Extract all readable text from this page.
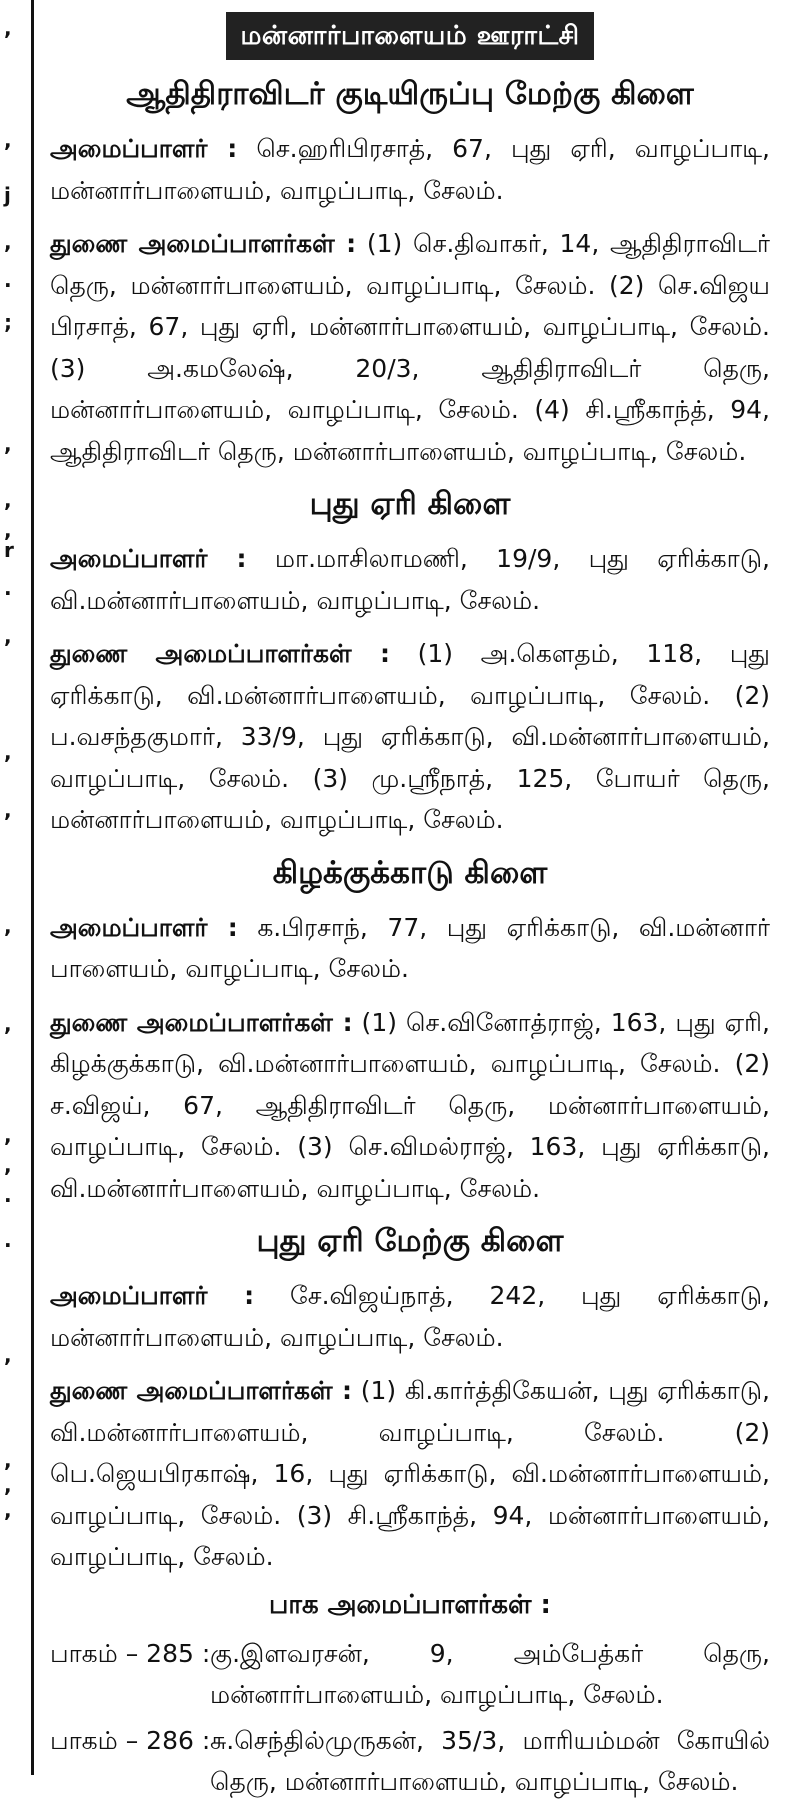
,
,
j
,
.
;
,
,
,
r
.
,
,
,
,
,
,
,
.
.
,
,
,
,
மன்னார்பாளையம் ஊராட்சி
ஆதிதிராவிடர் குடியிருப்பு மேற்கு கிளை

அமைப்பாளர் : செ.ஹரிபிரசாத், 67, புது ஏரி, வாழப்பாடி, மன்னார்பாளையம், வாழப்பாடி, சேலம்.

துணை அமைப்பாளர்கள் : (1) செ.திவாகர், 14, ஆதிதிராவிடர் தெரு, மன்னார்பாளையம், வாழப்பாடி, சேலம். (2) செ.விஜய பிரசாத், 67, புது ஏரி, மன்னார்பாளையம், வாழப்பாடி, சேலம். (3) அ.கமலேஷ், 20/3, ஆதிதிராவிடர் தெரு, மன்னார்பாளையம், வாழப்பாடி, சேலம். (4) சி.ஸ்ரீகாந்த், 94, ஆதிதிராவிடர் தெரு, மன்னார்பாளையம், வாழப்பாடி, சேலம்.

புது ஏரி கிளை

அமைப்பாளர் : மா.மாசிலாமணி, 19/9, புது ஏரிக்காடு, வி.மன்னார்பாளையம், வாழப்பாடி, சேலம்.

துணை அமைப்பாளர்கள் : (1) அ.கௌதம், 118, புது ஏரிக்காடு, வி.மன்னார்பாளையம், வாழப்பாடி, சேலம். (2) ப.வசந்தகுமார், 33/9, புது ஏரிக்காடு, வி.மன்னார்பாளையம், வாழப்பாடி, சேலம். (3) மு.ஸ்ரீநாத், 125, போயர் தெரு, மன்னார்பாளையம், வாழப்பாடி, சேலம்.

கிழக்குக்காடு கிளை

அமைப்பாளர் : க.பிரசாந், 77, புது ஏரிக்காடு, வி.மன்னார் பாளையம், வாழப்பாடி, சேலம்.

துணை அமைப்பாளர்கள் : (1) செ.வினோத்ராஜ், 163, புது ஏரி, கிழக்குக்காடு, வி.மன்னார்பாளையம், வாழப்பாடி, சேலம். (2) ச.விஜய், 67, ஆதிதிராவிடர் தெரு, மன்னார்பாளையம், வாழப்பாடி, சேலம். (3) செ.விமல்ராஜ், 163, புது ஏரிக்காடு, வி.மன்னார்பாளையம், வாழப்பாடி, சேலம்.

புது ஏரி மேற்கு கிளை

அமைப்பாளர் : சே.விஜய்நாத், 242, புது ஏரிக்காடு, மன்னார்பாளையம், வாழப்பாடி, சேலம்.

துணை அமைப்பாளர்கள் : (1) கி.கார்த்திகேயன், புது ஏரிக்காடு, வி.மன்னார்பாளையம், வாழப்பாடி, சேலம். (2) பெ.ஜெயபிரகாஷ், 16, புது ஏரிக்காடு, வி.மன்னார்பாளையம், வாழப்பாடி, சேலம். (3) சி.ஸ்ரீகாந்த், 94, மன்னார்பாளையம், வாழப்பாடி, சேலம்.

பாக அமைப்பாளர்கள் :
பாகம் – 285 : கு.இளவரசன், 9, அம்பேத்கர் தெரு, மன்னார்பாளையம், வாழப்பாடி, சேலம்.
பாகம் – 286 : சு.செந்தில்முருகன், 35/3, மாரியம்மன் கோயில் தெரு, மன்னார்பாளையம், வாழப்பாடி, சேலம்.
